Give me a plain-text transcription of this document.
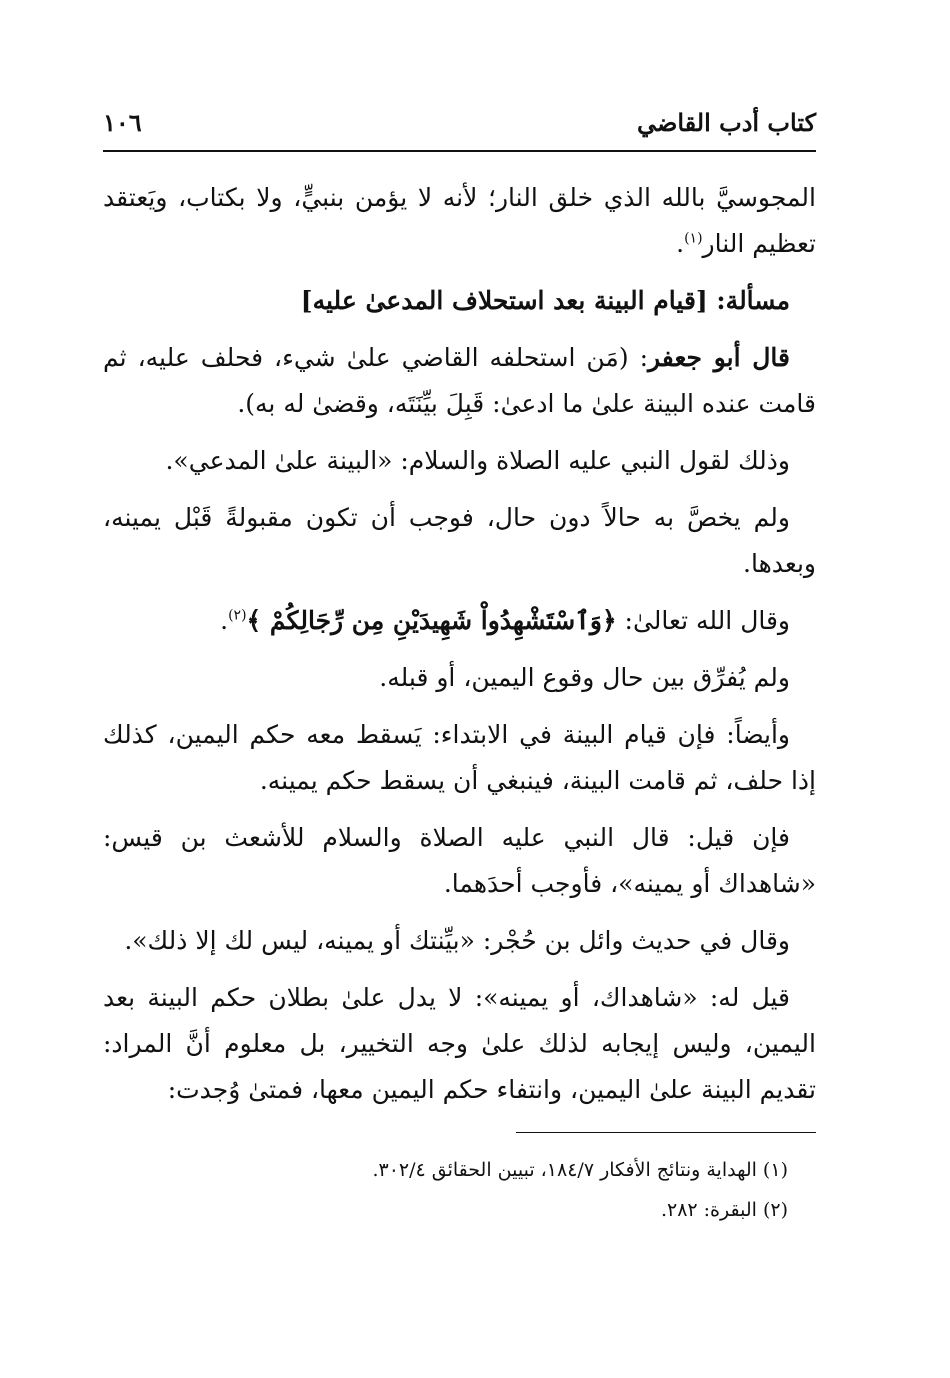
كتاب أدب القاضي
١٠٦

المجوسيَّ بالله الذي خلق النار؛ لأنه لا يؤمن بنبيٍّ، ولا بكتاب، ويَعتقد تعظيم النار$^{(١)}$.

مسألة: [قيام البينة بعد استحلاف المدعىٰ عليه]

قال أبو جعفر: (مَن استحلفه القاضي علىٰ شيء، فحلف عليه، ثم قامت عنده البينة علىٰ ما ادعىٰ: قَبِلَ بيِّنَتَه، وقضىٰ له به).

وذلك لقول النبي عليه الصلاة والسلام: «البينة علىٰ المدعي».

ولم يخصَّ به حالاً دون حال، فوجب أن تكون مقبولةً قَبْل يمينه، وبعدها.

وقال الله تعالىٰ: ﴿وَٱسْتَشْهِدُواْ شَهِيدَيْنِ مِن رِّجَالِكُمْ ﴾$^{(٢)}$.

ولم يُفرِّق بين حال وقوع اليمين، أو قبله.

وأيضاً: فإن قيام البينة في الابتداء: يَسقط معه حكم اليمين، كذلك إذا حلف، ثم قامت البينة، فينبغي أن يسقط حكم يمينه.

فإن قيل: قال النبي عليه الصلاة والسلام للأشعث بن قيس: «شاهداك أو يمينه»، فأوجب أحدَهما.

وقال في حديث وائل بن حُجْر: «بيِّنتك أو يمينه، ليس لك إلا ذلك».

قيل له: «شاهداك، أو يمينه»: لا يدل علىٰ بطلان حكم البينة بعد اليمين، وليس إيجابه لذلك علىٰ وجه التخيير، بل معلوم أنَّ المراد: تقديم البينة علىٰ اليمين، وانتفاء حكم اليمين معها، فمتىٰ وُجدت:

(١) الهداية ونتائج الأفكار ١٨٤/٧، تبيين الحقائق ٣٠٢/٤.

(٢) البقرة: ٢٨٢.
